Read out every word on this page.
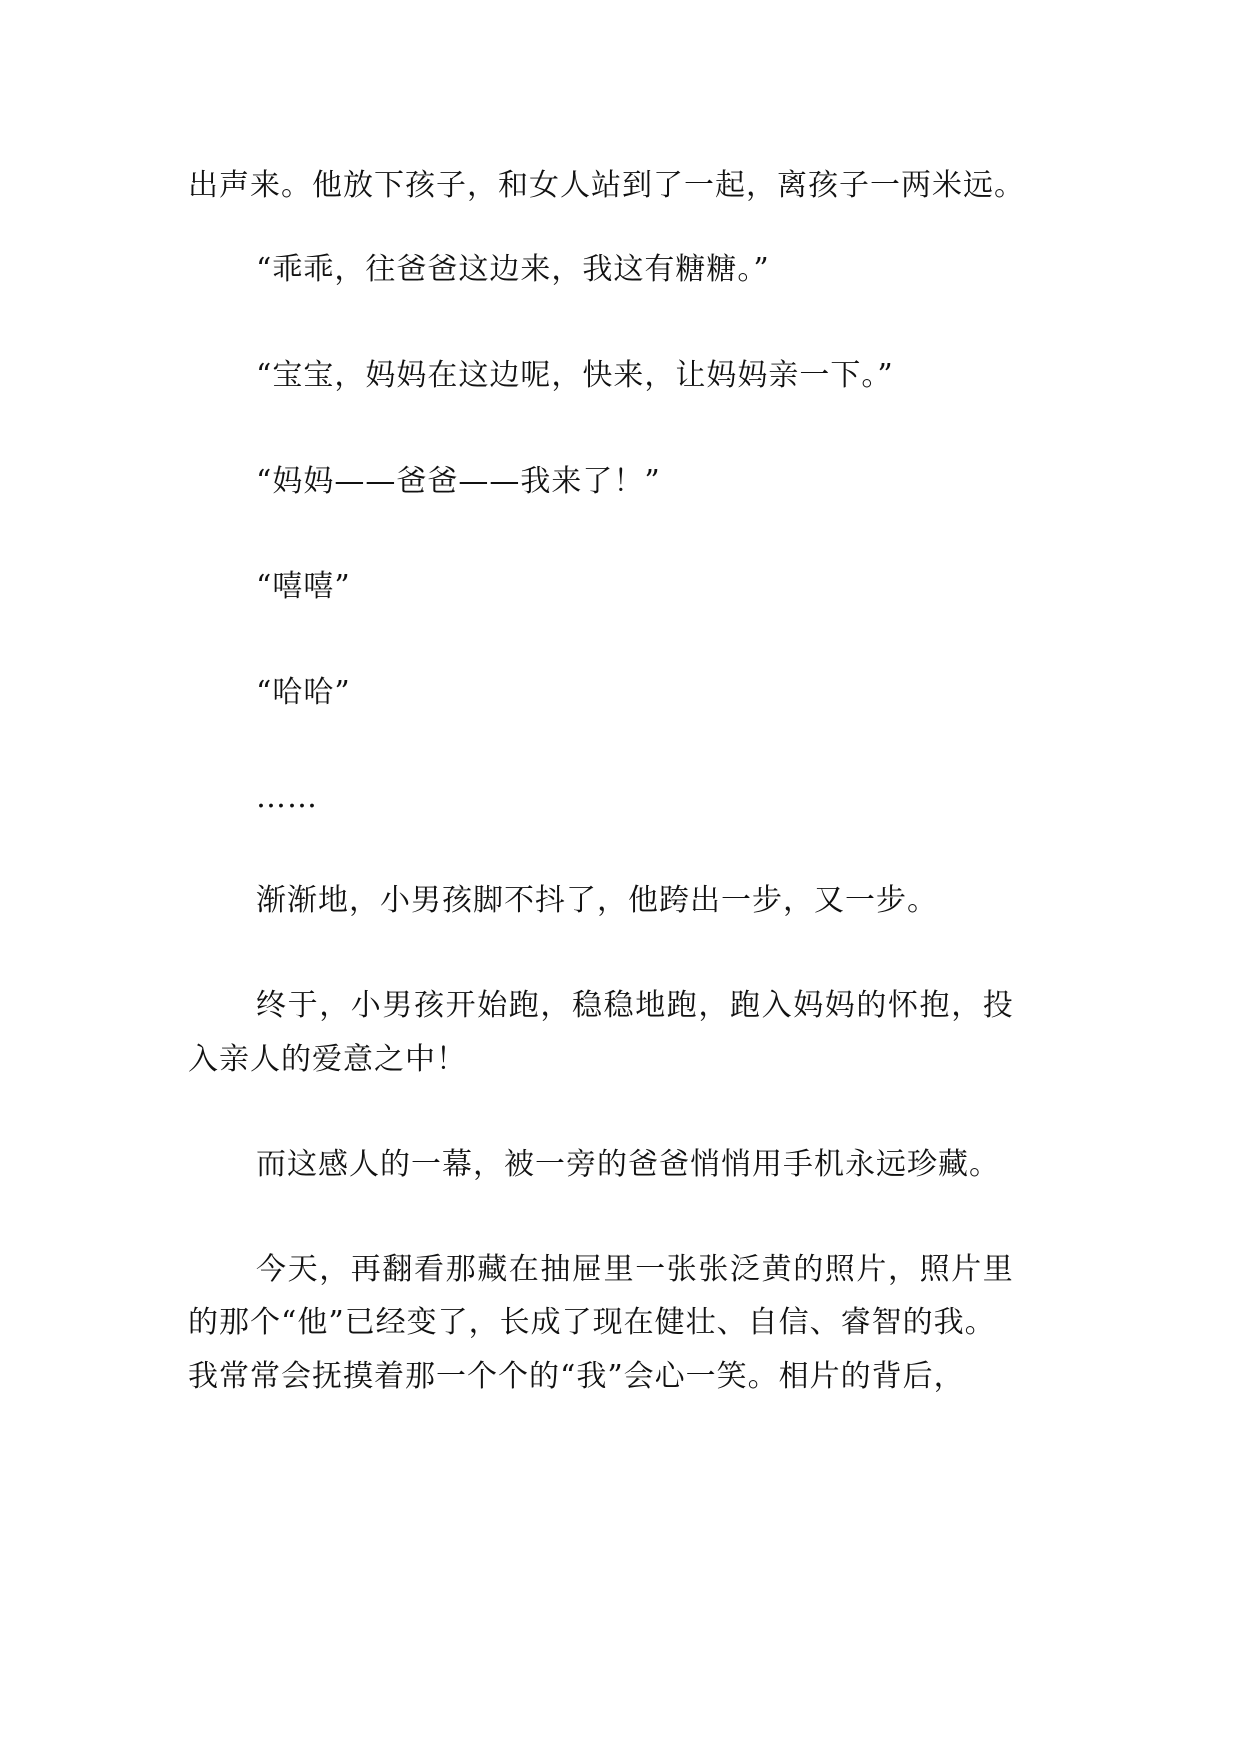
出声来。他放下孩子，和女人站到了一起，离孩子一两米远。

“乖乖，往爸爸这边来，我这有糖糖。”

“宝宝，妈妈在这边呢，快来，让妈妈亲一下。”

“妈妈——爸爸——我来了！”

“嘻嘻”

“哈哈”

……

渐渐地，小男孩脚不抖了，他跨出一步，又一步。

终于，小男孩开始跑，稳稳地跑，跑入妈妈的怀抱，投

入亲人的爱意之中！

而这感人的一幕，被一旁的爸爸悄悄用手机永远珍藏。

今天，再翻看那藏在抽屉里一张张泛黄的照片，照片里

的那个“他”已经变了，长成了现在健壮、自信、睿智的我。

我常常会抚摸着那一个个的“我”会心一笑。相片的背后，
